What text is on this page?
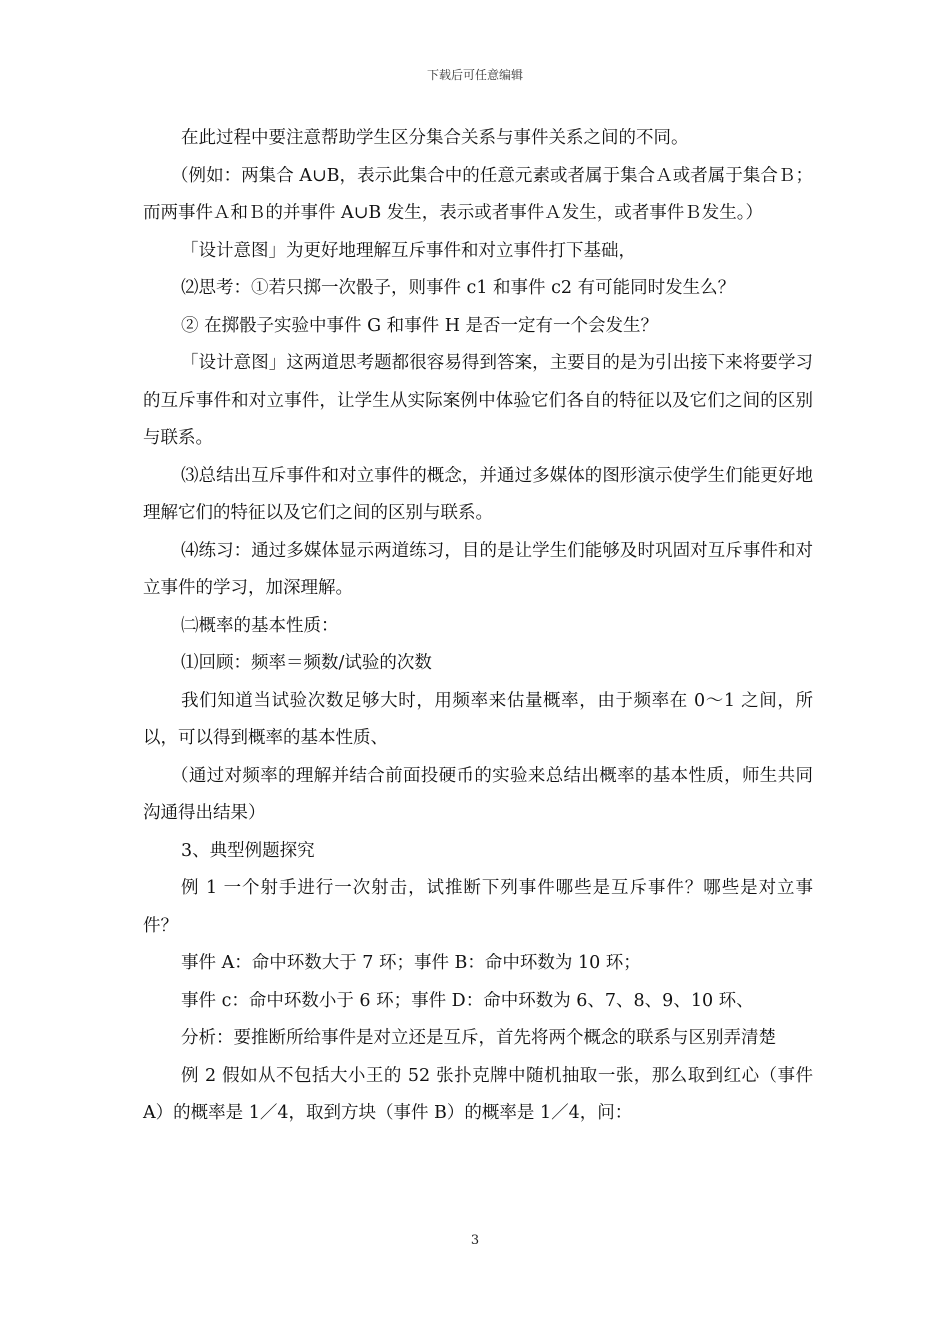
下载后可任意编辑

在此过程中要注意帮助学生区分集合关系与事件关系之间的不同。

（例如：两集合 A∪B，表示此集合中的任意元素或者属于集合Ａ或者属于集合Ｂ；而两事件Ａ和Ｂ的并事件 A∪B 发生，表示或者事件Ａ发生，或者事件Ｂ发生。）

「设计意图」为更好地理解互斥事件和对立事件打下基础，

⑵思考：①若只掷一次骰子，则事件 c1 和事件 c2 有可能同时发生么？

② 在掷骰子实验中事件 G 和事件 H 是否一定有一个会发生？

「设计意图」这两道思考题都很容易得到答案，主要目的是为引出接下来将要学习的互斥事件和对立事件，让学生从实际案例中体验它们各自的特征以及它们之间的区别与联系。

⑶总结出互斥事件和对立事件的概念，并通过多媒体的图形演示使学生们能更好地理解它们的特征以及它们之间的区别与联系。

⑷练习：通过多媒体显示两道练习，目的是让学生们能够及时巩固对互斥事件和对立事件的学习，加深理解。

㈡概率的基本性质：

⑴回顾：频率＝频数/试验的次数

我们知道当试验次数足够大时，用频率来估量概率，由于频率在 0～1 之间，所以，可以得到概率的基本性质、

（通过对频率的理解并结合前面投硬币的实验来总结出概率的基本性质，师生共同沟通得出结果）

3、典型例题探究

例 1 一个射手进行一次射击，试推断下列事件哪些是互斥事件？哪些是对立事件？

事件 A：命中环数大于 7 环；事件 B：命中环数为 10 环；

事件 c：命中环数小于 6 环；事件 D：命中环数为 6、7、8、9、10 环、

分析：要推断所给事件是对立还是互斥，首先将两个概念的联系与区别弄清楚

例 2 假如从不包括大小王的 52 张扑克牌中随机抽取一张，那么取到红心（事件 A）的概率是 1／4，取到方块（事件 B）的概率是 1／4，问：

3
